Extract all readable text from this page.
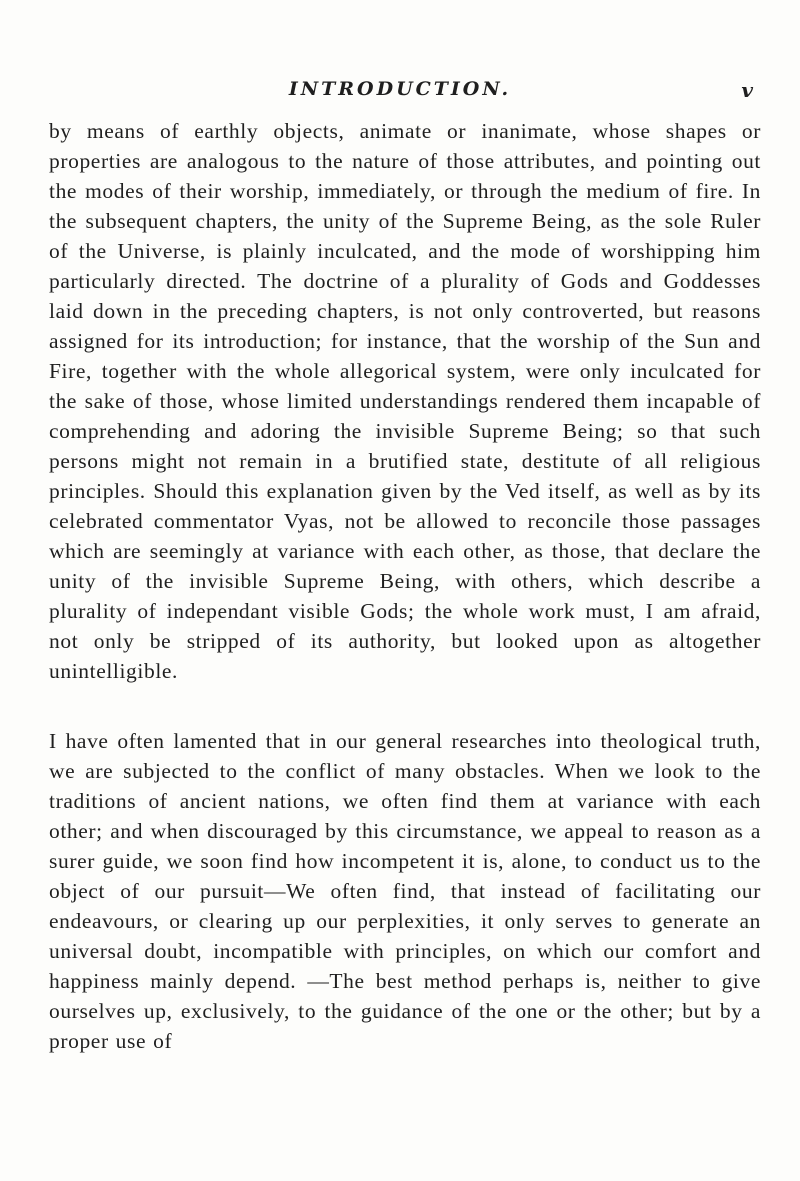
INTRODUCTION.	v

by means of earthly objects, animate or inanimate, whose shapes or properties are analogous to the nature of those attributes, and pointing out the modes of their worship, immediately, or through the medium of fire. In the subsequent chapters, the unity of the Supreme Being, as the sole Ruler of the Universe, is plainly inculcated, and the mode of worshipping him particularly directed. The doctrine of a plurality of Gods and Goddesses laid down in the preceding chapters, is not only controverted, but reasons assigned for its introduction; for instance, that the worship of the Sun and Fire, together with the whole allegorical system, were only inculcated for the sake of those, whose limited understandings rendered them incapable of comprehending and adoring the invisible Supreme Being; so that such persons might not remain in a brutified state, destitute of all religious principles. Should this explanation given by the Ved itself, as well as by its celebrated commentator Vyas, not be allowed to reconcile those passages which are seemingly at variance with each other, as those, that declare the unity of the invisible Supreme Being, with others, which describe a plurality of independant visible Gods; the whole work must, I am afraid, not only be stripped of its authority, but looked upon as altogether unintelligible.

I have often lamented that in our general researches into theological truth, we are subjected to the conflict of many obstacles. When we look to the traditions of ancient nations, we often find them at variance with each other; and when discouraged by this circumstance, we appeal to reason as a surer guide, we soon find how incompetent it is, alone, to conduct us to the object of our pursuit—We often find, that instead of facilitating our endeavours, or clearing up our perplexities, it only serves to generate an universal doubt, incompatible with principles, on which our comfort and happiness mainly depend. —The best method perhaps is, neither to give ourselves up, exclusively, to the guidance of the one or the other; but by a proper use of
